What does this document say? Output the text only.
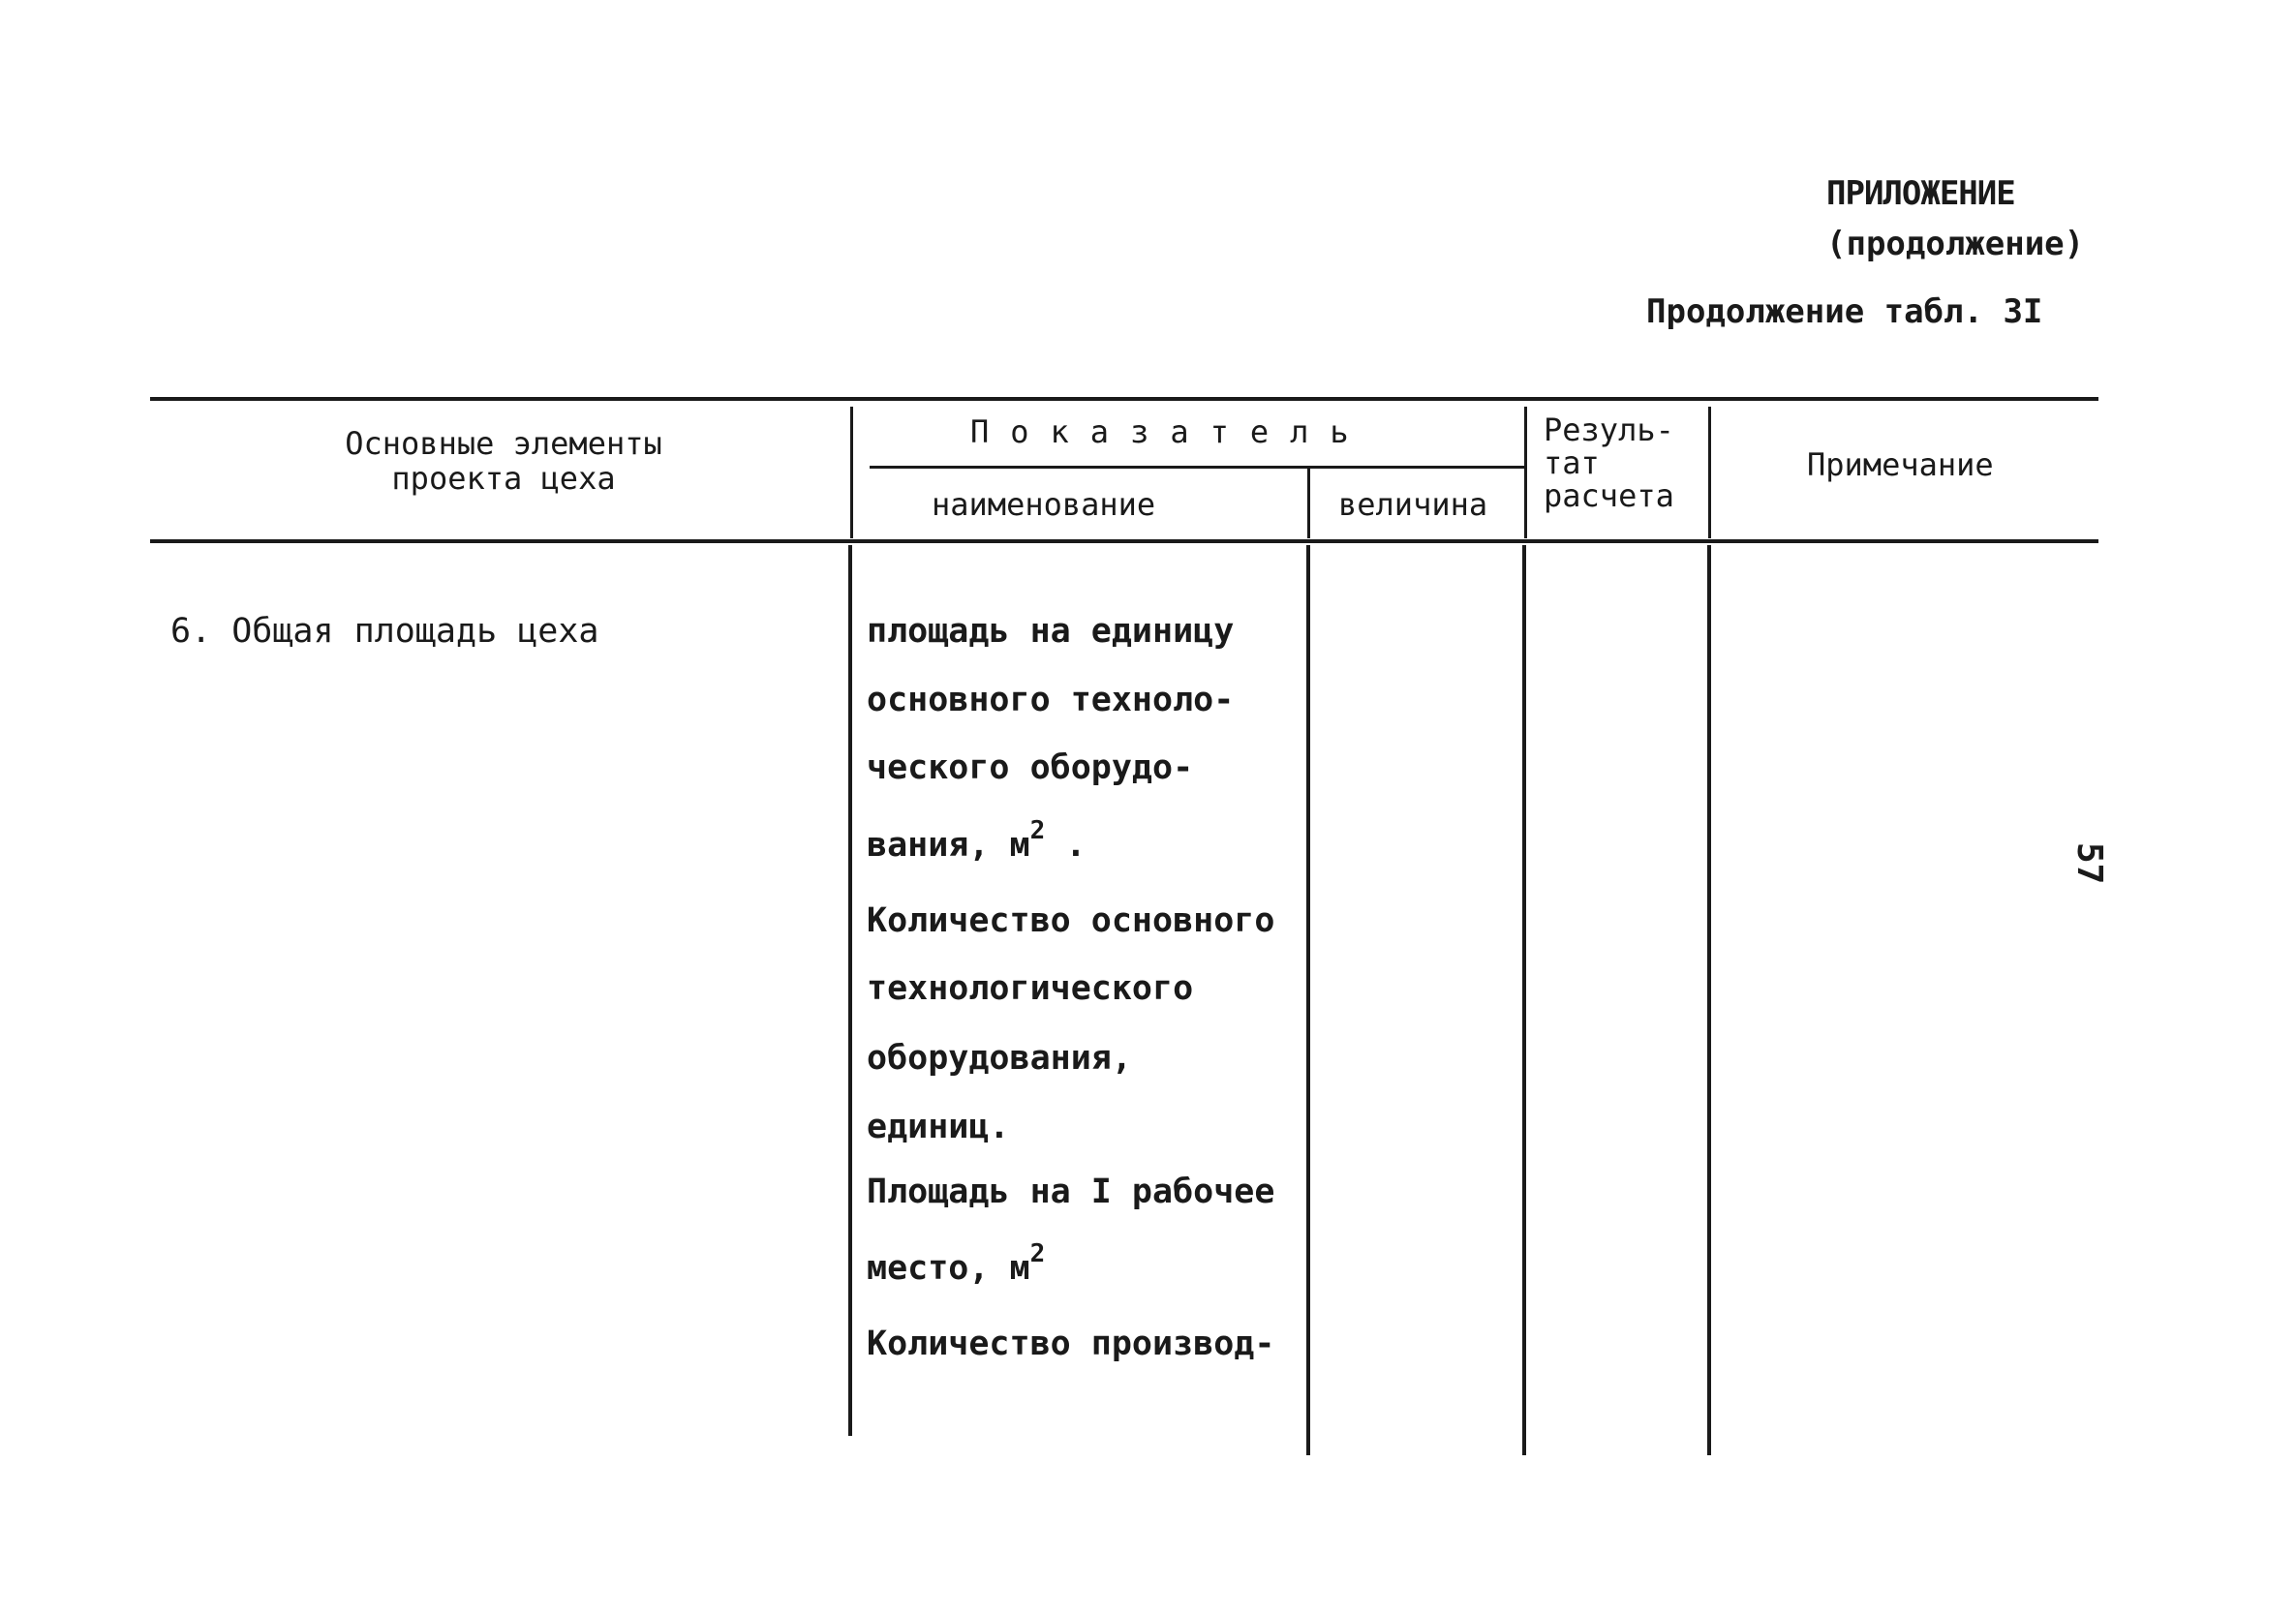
ПРИЛОЖЕНИЕ
(продолжение)
Продолжение табл. 3I
Основные элементы
проекта цеха
Показатель
наименование	величина
Резуль-
тат
расчета
Примечание
6. Общая площадь цеха	площадь на единицу
основного техноло-
ческого оборудо-
вания, $м^2$ .
Количество основного
технологического
оборудования,
единиц.
Площадь на I рабочее
место, $м^2$
Количество производ-
57
